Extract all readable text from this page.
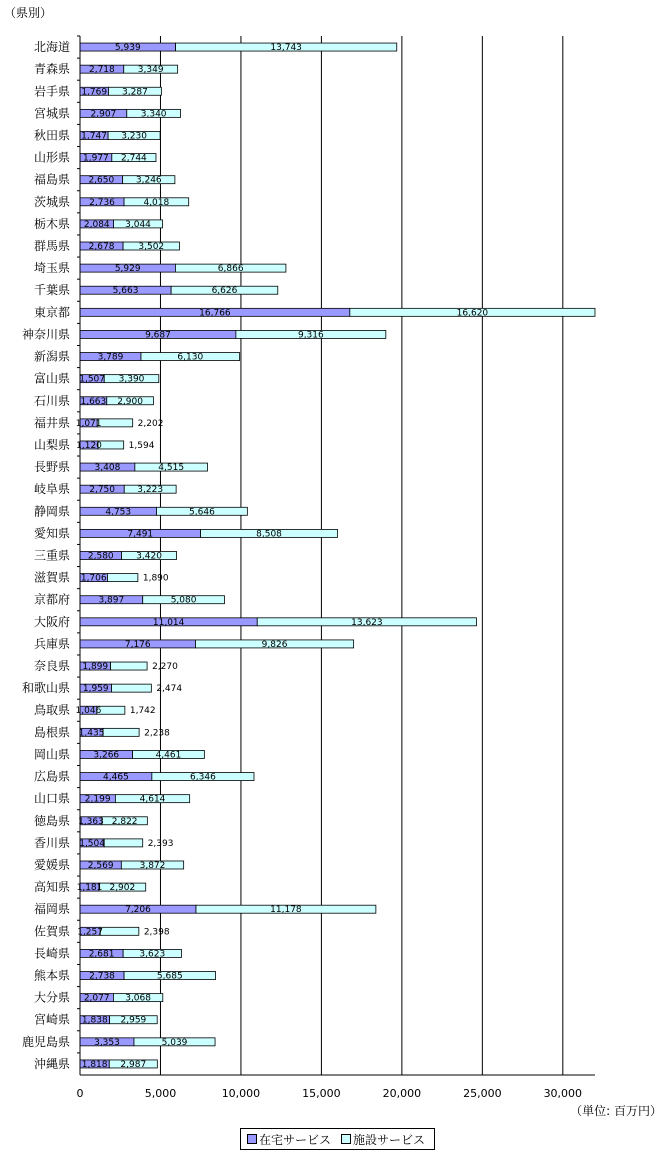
（県別）
（単位: 百万円）
5,939	13,743
2,718	3,349
1,769 3,287
2,907	3,340
1,747 3,230
1,977 2,744
2,650 3,246
2,736	4,018
2,084 3,044
2,678	3,502
5,929	6,866
5,663	6,626
16,766	16,620
9,687	9,316
3,789	6,130
1,507 3,390
1,663 2,900
1,071	2,202
1,120	1,594
3,408	4,515
2,750 3,223
4,753	5,646
7,491	8,508
2,580	3,420
1,706	1,890
3,897	5,080
11,014	13,623
7,176	9,826
1,899	2,270
1,959	2,474
1,046	1,742
1,435	2,238
3,266	4,461
4,465	6,346
2,199	4,614
1,363 2,822
1,504	2,393
2,569	3,872
1,181 2,902
7,206	11,178
1,257	2,398
2,681	3,623
2,738	5,685
2,077 3,068
1,838 2,959
3,353	5,039
1,818 2,987
0	5,000	10,000	15,000	20,000	25,000	30,000
北海道
青森県
岩手県
宮城県
秋田県
山形県
福島県
茨城県
栃木県
群馬県
埼玉県
千葉県
東京都
神奈川県
新潟県
富山県
石川県
福井県
山梨県
長野県
岐阜県
静岡県
愛知県
三重県
滋賀県
京都府
大阪府
兵庫県
奈良県
和歌山県
鳥取県
島根県
岡山県
広島県
山口県
徳島県
香川県
愛媛県
高知県
福岡県
佐賀県
長崎県
熊本県
大分県
宮崎県
鹿児島県
沖縄県
在宅サービス 施設サービス
